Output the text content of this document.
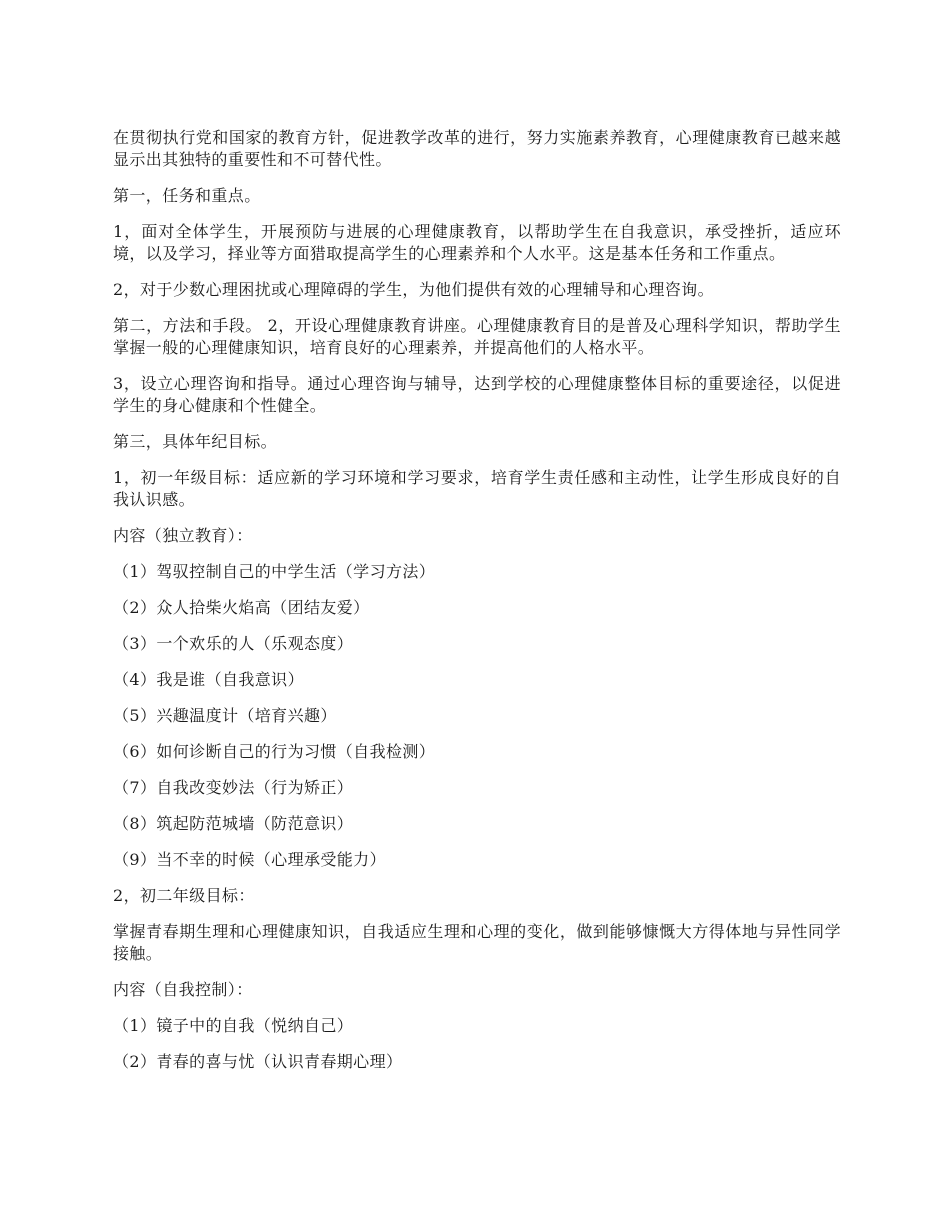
在贯彻执行党和国家的教育方针，促进教学改革的进行，努力实施素养教育，心理健康教育已越来越显示出其独特的重要性和不可替代性。

第一，任务和重点。

1，面对全体学生，开展预防与进展的心理健康教育，以帮助学生在自我意识，承受挫折，适应环境，以及学习，择业等方面猎取提高学生的心理素养和个人水平。这是基本任务和工作重点。

2，对于少数心理困扰或心理障碍的学生，为他们提供有效的心理辅导和心理咨询。

第二，方法和手段。 2，开设心理健康教育讲座。心理健康教育目的是普及心理科学知识，帮助学生掌握一般的心理健康知识，培育良好的心理素养，并提高他们的人格水平。

3，设立心理咨询和指导。通过心理咨询与辅导，达到学校的心理健康整体目标的重要途径，以促进学生的身心健康和个性健全。

第三，具体年纪目标。

1，初一年级目标：适应新的学习环境和学习要求，培育学生责任感和主动性，让学生形成良好的自我认识感。

内容（独立教育）：

（1）驾驭控制自己的中学生活（学习方法）

（2）众人拾柴火焰高（团结友爱）

（3）一个欢乐的人（乐观态度）

（4）我是谁（自我意识）

（5）兴趣温度计（培育兴趣）

（6）如何诊断自己的行为习惯（自我检测）

（7）自我改变妙法（行为矫正）

（8）筑起防范城墙（防范意识）

（9）当不幸的时候（心理承受能力）

2，初二年级目标：

掌握青春期生理和心理健康知识，自我适应生理和心理的变化，做到能够慷慨大方得体地与异性同学接触。

内容（自我控制）：

（1）镜子中的自我（悦纳自己）

（2）青春的喜与忧（认识青春期心理）
